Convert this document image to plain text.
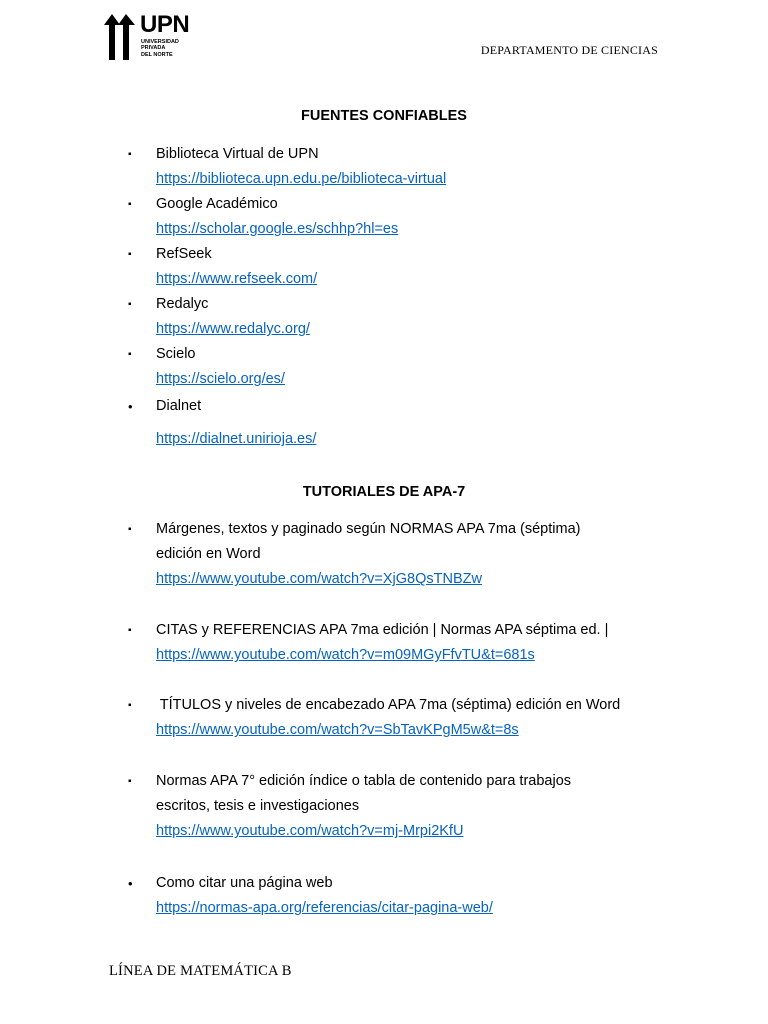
UPN
UNIVERSIDAD
PRIVADA
DEL NORTE	DEPARTAMENTO DE CIENCIAS
FUENTES CONFIABLES
▪ Biblioteca Virtual de UPN
https://biblioteca.upn.edu.pe/biblioteca-virtual
▪ Google Académico
https://scholar.google.es/schhp?hl=es
▪ RefSeek
https://www.refseek.com/
▪ Redalyc
https://www.redalyc.org/
▪ Scielo
https://scielo.org/es/
• Dialnet
https://dialnet.unirioja.es/
TUTORIALES DE APA-7
▪ Márgenes, textos y paginado según NORMAS APA 7ma (séptima)
edición en Word
https://www.youtube.com/watch?v=XjG8QsTNBZw
▪ CITAS y REFERENCIAS APA 7ma edición | Normas APA séptima ed. |
https://www.youtube.com/watch?v=m09MGyFfvTU&t=681s
▪ TÍTULOS y niveles de encabezado APA 7ma (séptima) edición en Word
https://www.youtube.com/watch?v=SbTavKPgM5w&t=8s
▪ Normas APA 7° edición índice o tabla de contenido para trabajos
escritos, tesis e investigaciones
https://www.youtube.com/watch?v=mj-Mrpi2KfU
• Como citar una página web
https://normas-apa.org/referencias/citar-pagina-web/
LÍNEA DE MATEMÁTICA B
